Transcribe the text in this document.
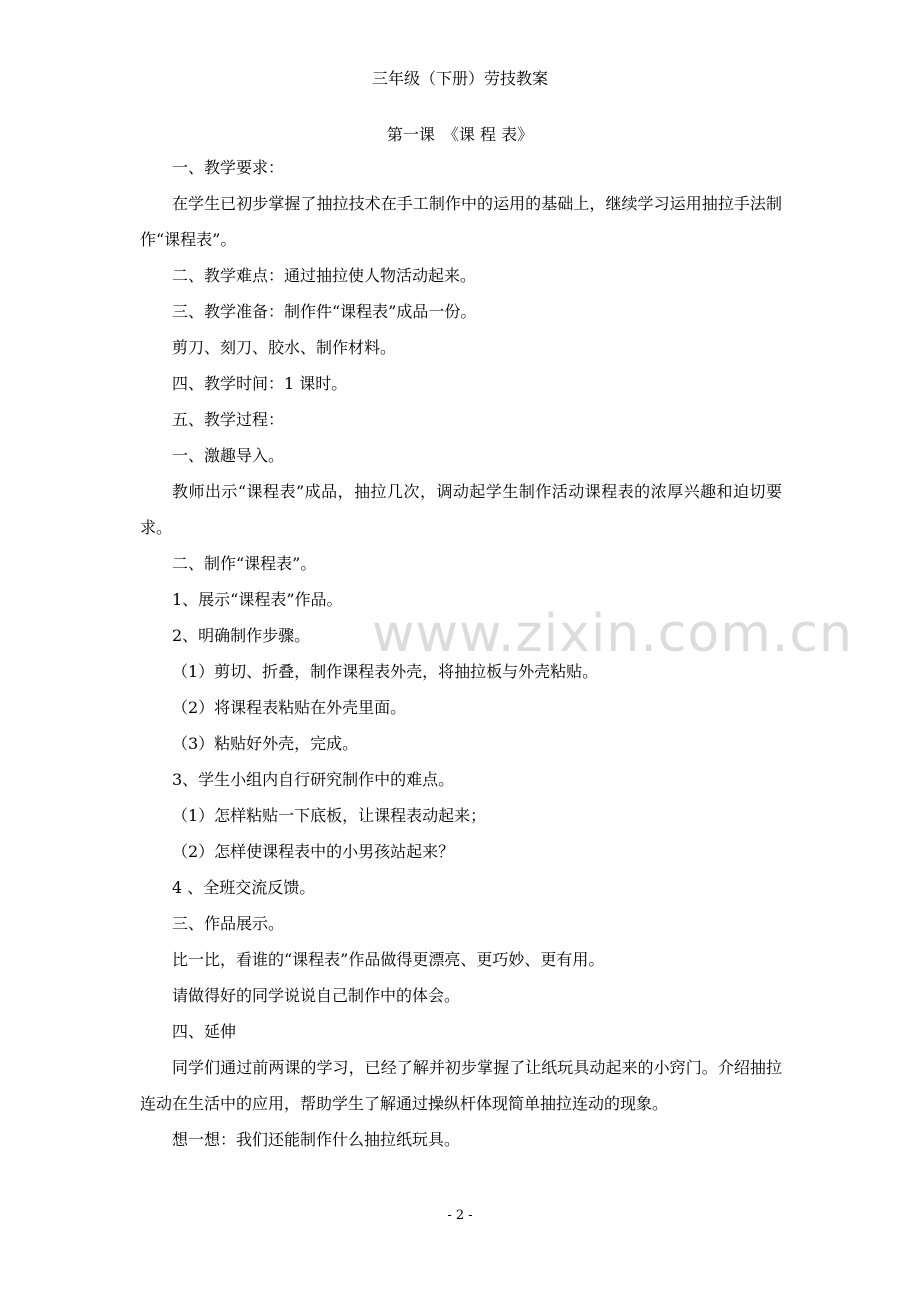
三年级（下册）劳技教案
第一课　《课 程 表》
一、教学要求：
在学生已初步掌握了抽拉技术在手工制作中的运用的基础上，继续学习运用抽拉手法制
作“课程表”。
二、教学难点：通过抽拉使人物活动起来。
三、教学准备：制作件“课程表”成品一份。
剪刀、刻刀、胶水、制作材料。
四、教学时间：1 课时。
五、教学过程：
一、激趣导入。
教师出示“课程表”成品，抽拉几次，调动起学生制作活动课程表的浓厚兴趣和迫切要
求。
二、制作“课程表”。
1、展示“课程表”作品。
2、明确制作步骤。
（1）剪切、折叠，制作课程表外壳，将抽拉板与外壳粘贴。
（2）将课程表粘贴在外壳里面。
（3）粘贴好外壳，完成。
3、学生小组内自行研究制作中的难点。
（1）怎样粘贴一下底板，让课程表动起来；
（2）怎样使课程表中的小男孩站起来？
4 、全班交流反馈。
三、作品展示。
比一比，看谁的“课程表”作品做得更漂亮、更巧妙、更有用。
请做得好的同学说说自己制作中的体会。
四、延伸
同学们通过前两课的学习，已经了解并初步掌握了让纸玩具动起来的小窍门。介绍抽拉
连动在生活中的应用，帮助学生了解通过操纵杆体现简单抽拉连动的现象。
想一想：我们还能制作什么抽拉纸玩具。
www.zixin.com.cn
- 2 -
